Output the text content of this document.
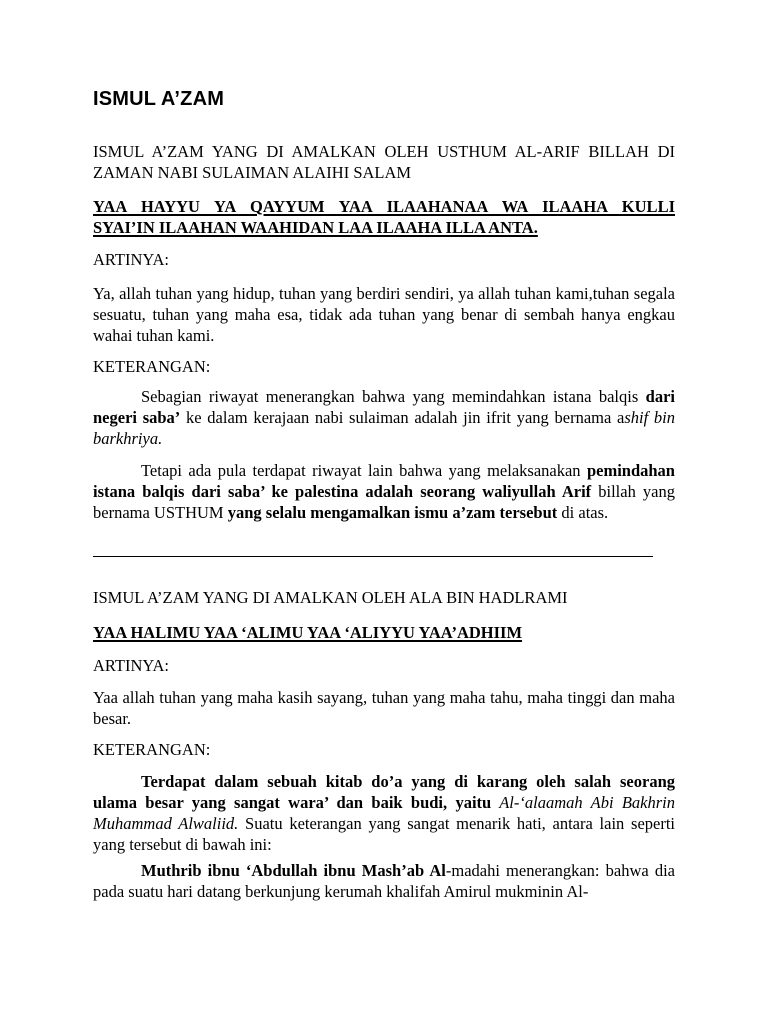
ISMUL A’ZAM
ISMUL A’ZAM YANG DI AMALKAN OLEH USTHUM AL-ARIF BILLAH DI ZAMAN NABI SULAIMAN ALAIHI SALAM
YAA HAYYU YA QAYYUM YAA ILAAHANAA WA ILAAHA KULLI
SYAI’IN ILAAHAN WAAHIDAN LAA ILAAHA ILLA ANTA.
ARTINYA:
Ya, allah tuhan yang hidup, tuhan yang berdiri sendiri, ya allah tuhan kami,tuhan segala sesuatu, tuhan yang maha esa, tidak ada tuhan yang benar di sembah hanya engkau wahai tuhan kami.
KETERANGAN:
Sebagian riwayat menerangkan bahwa yang memindahkan istana balqis dari negeri saba’ ke dalam kerajaan nabi sulaiman adalah jin ifrit yang bernama ashif bin barkhriya.
Tetapi ada pula terdapat riwayat lain bahwa yang melaksanakan pemindahan istana balqis dari saba’ ke palestina adalah seorang waliyullah Arif billah yang bernama USTHUM yang selalu mengamalkan ismu a’zam tersebut di atas.
ISMUL A’ZAM YANG DI AMALKAN OLEH ALA BIN HADLRAMI
YAA HALIMU YAA ‘ALIMU YAA ‘ALIYYU YAA’ADHIIM
ARTINYA:
Yaa allah tuhan yang maha kasih sayang, tuhan yang maha tahu, maha tinggi dan maha besar.
KETERANGAN:
Terdapat dalam sebuah kitab do’a yang di karang oleh salah seorang ulama besar yang sangat wara’ dan baik budi, yaitu Al-‘alaamah Abi Bakhrin Muhammad Alwaliid. Suatu keterangan yang sangat menarik hati, antara lain seperti yang tersebut di bawah ini:
Muthrib ibnu ‘Abdullah ibnu Mash’ab Al-madahi menerangkan: bahwa dia pada suatu hari datang berkunjung kerumah khalifah Amirul mukminin Al-
